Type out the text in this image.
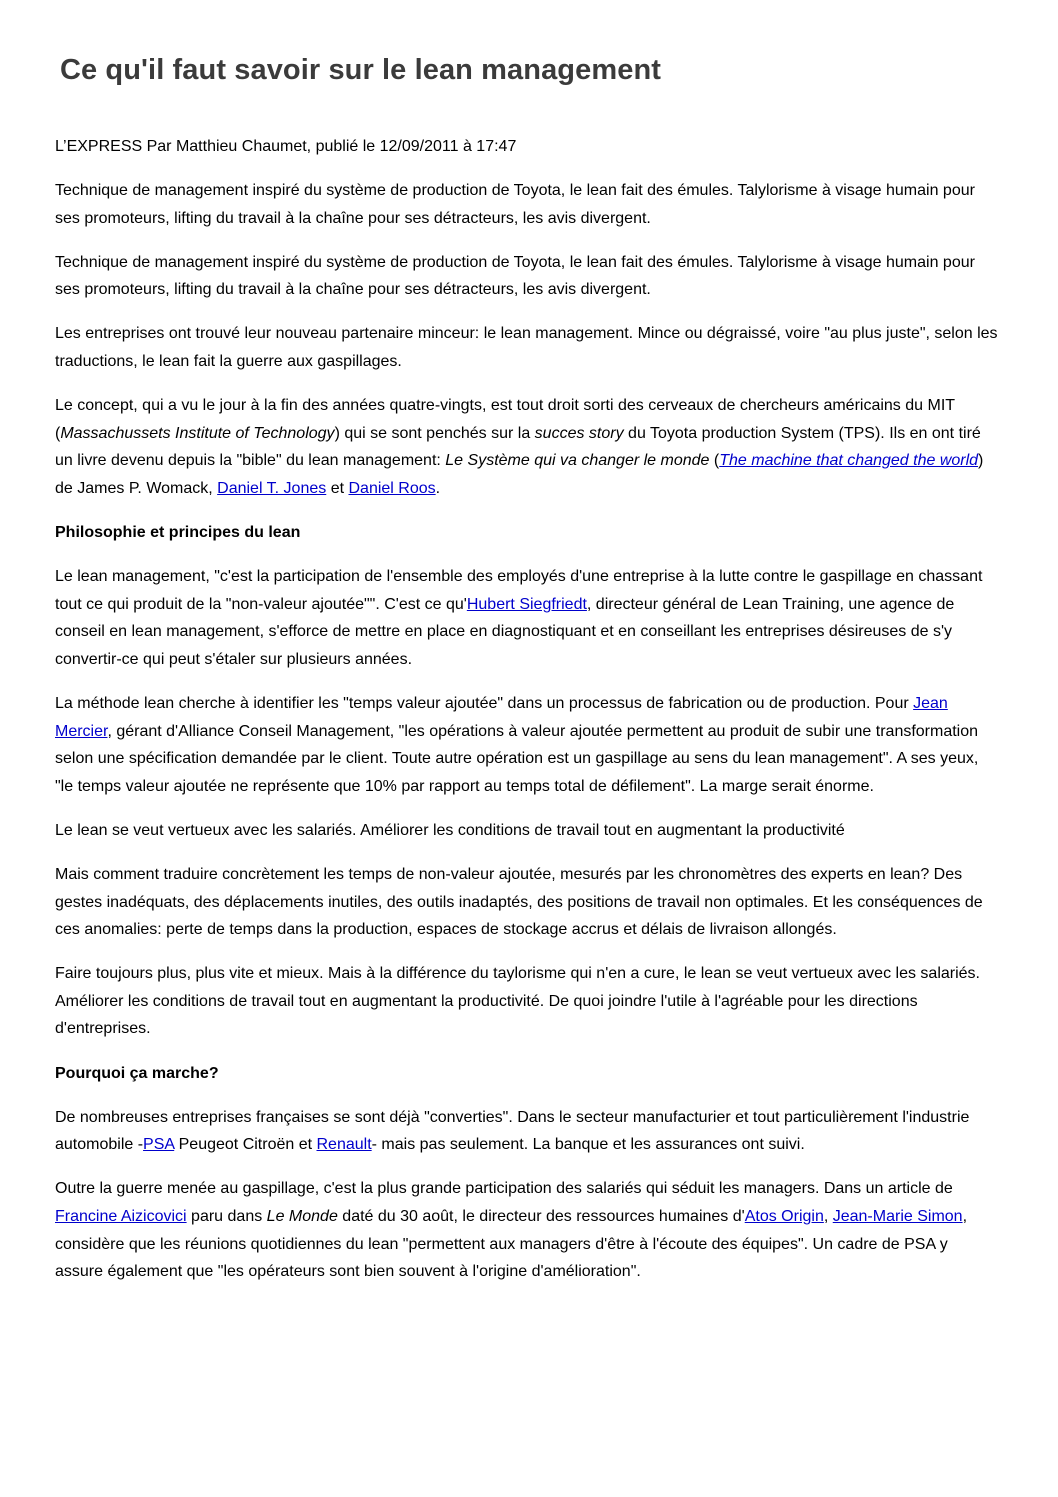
Ce qu'il faut savoir sur le lean management

L’EXPRESS Par Matthieu Chaumet, publié le 12/09/2011 à 17:47

Technique de management inspiré du système de production de Toyota, le lean fait des émules. Talylorisme à visage humain pour ses promoteurs, lifting du travail à la chaîne pour ses détracteurs, les avis divergent.

Technique de management inspiré du système de production de Toyota, le lean fait des émules. Talylorisme à visage humain pour ses promoteurs, lifting du travail à la chaîne pour ses détracteurs, les avis divergent.

Les entreprises ont trouvé leur nouveau partenaire minceur: le lean management. Mince ou dégraissé, voire "au plus juste", selon les traductions, le lean fait la guerre aux gaspillages.

Le concept, qui a vu le jour à la fin des années quatre-vingts, est tout droit sorti des cerveaux de chercheurs américains du MIT (Massachussets Institute of Technology) qui se sont penchés sur la succes story du Toyota production System (TPS). Ils en ont tiré un livre devenu depuis la "bible" du lean management: Le Système qui va changer le monde (The machine that changed the world) de James P. Womack, Daniel T. Jones et Daniel Roos.

Philosophie et principes du lean

Le lean management, "c'est la participation de l'ensemble des employés d'une entreprise à la lutte contre le gaspillage en chassant tout ce qui produit de la "non-valeur ajoutée"". C'est ce qu'Hubert Siegfriedt, directeur général de Lean Training, une agence de conseil en lean management, s'efforce de mettre en place en diagnostiquant et en conseillant les entreprises désireuses de s'y convertir-ce qui peut s'étaler sur plusieurs années.

La méthode lean cherche à identifier les "temps valeur ajoutée" dans un processus de fabrication ou de production. Pour Jean Mercier, gérant d'Alliance Conseil Management, "les opérations à valeur ajoutée permettent au produit de subir une transformation selon une spécification demandée par le client. Toute autre opération est un gaspillage au sens du lean management". A ses yeux, "le temps valeur ajoutée ne représente que 10% par rapport au temps total de défilement". La marge serait énorme.

Le lean se veut vertueux avec les salariés. Améliorer les conditions de travail tout en augmentant la productivité

Mais comment traduire concrètement les temps de non-valeur ajoutée, mesurés par les chronomètres des experts en lean? Des gestes inadéquats, des déplacements inutiles, des outils inadaptés, des positions de travail non optimales. Et les conséquences de ces anomalies: perte de temps dans la production, espaces de stockage accrus et délais de livraison allongés.

Faire toujours plus, plus vite et mieux. Mais à la différence du taylorisme qui n'en a cure, le lean se veut vertueux avec les salariés. Améliorer les conditions de travail tout en augmentant la productivité. De quoi joindre l'utile à l'agréable pour les directions d'entreprises.

Pourquoi ça marche?

De nombreuses entreprises françaises se sont déjà "converties". Dans le secteur manufacturier et tout particulièrement l'industrie automobile -PSA Peugeot Citroën et Renault- mais pas seulement. La banque et les assurances ont suivi.

Outre la guerre menée au gaspillage, c'est la plus grande participation des salariés qui séduit les managers. Dans un article de Francine Aizicovici paru dans Le Monde daté du 30 août, le directeur des ressources humaines d'Atos Origin, Jean-Marie Simon, considère que les réunions quotidiennes du lean "permettent aux managers d'être à l'écoute des équipes". Un cadre de PSA y assure également que "les opérateurs sont bien souvent à l'origine d'amélioration".
